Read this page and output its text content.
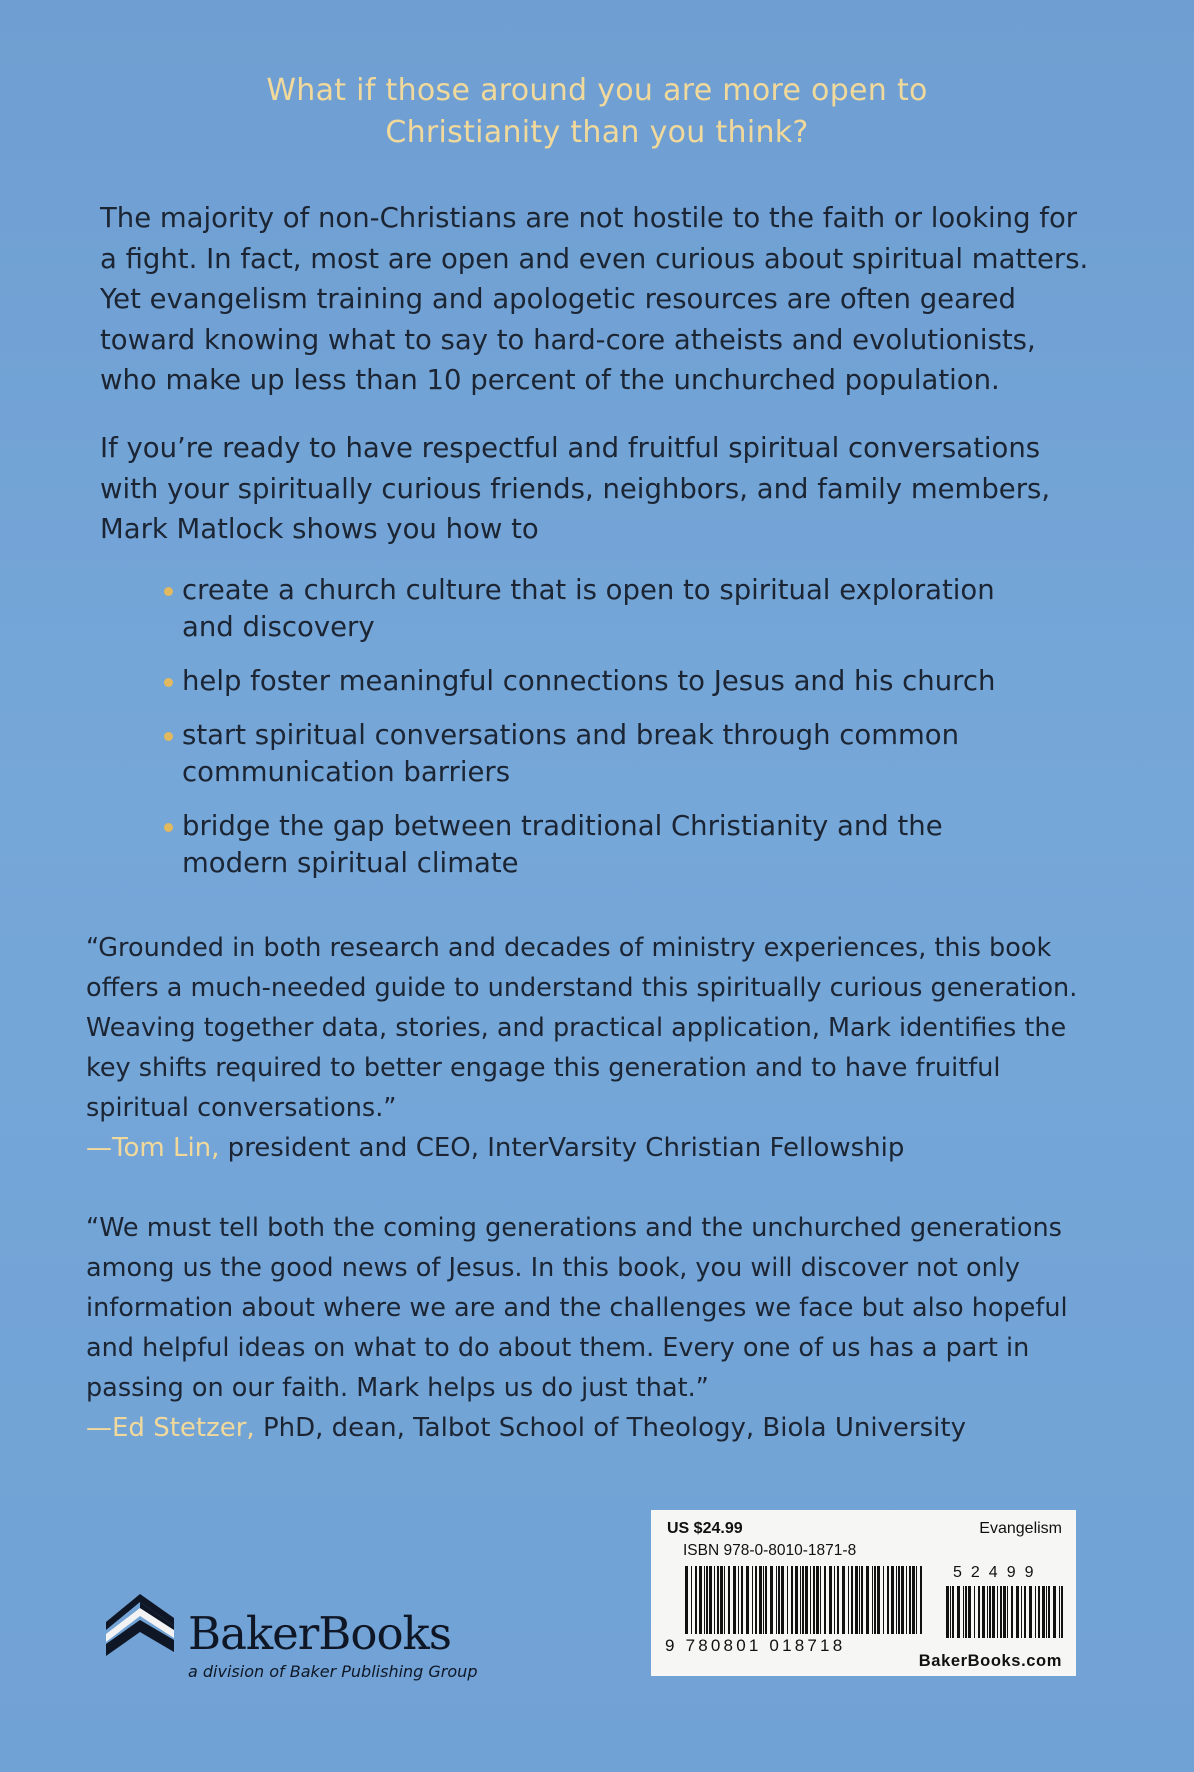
What if those around you are more open to
Christianity than you think?
The majority of non-Christians are not hostile to the faith or looking for
a fight. In fact, most are open and even curious about spiritual matters.
Yet evangelism training and apologetic resources are often geared
toward knowing what to say to hard-core atheists and evolutionists,
who make up less than 10 percent of the unchurched population.
If you’re ready to have respectful and fruitful spiritual conversations
with your spiritually curious friends, neighbors, and family members,
Mark Matlock shows you how to
create a church culture that is open to spiritual exploration
and discovery
help foster meaningful connections to Jesus and his church
start spiritual conversations and break through common
communication barriers
bridge the gap between traditional Christianity and the
modern spiritual climate
“Grounded in both research and decades of ministry experiences, this book
offers a much-needed guide to understand this spiritually curious generation.
Weaving together data, stories, and practical application, Mark identifies the
key shifts required to better engage this generation and to have fruitful
spiritual conversations.”
—Tom Lin, president and CEO, InterVarsity Christian Fellowship
“We must tell both the coming generations and the unchurched generations
among us the good news of Jesus. In this book, you will discover not only
information about where we are and the challenges we face but also hopeful
and helpful ideas on what to do about them. Every one of us has a part in
passing on our faith. Mark helps us do just that.”
—Ed Stetzer, PhD, dean, Talbot School of Theology, Biola University
BakerBooks
a division of Baker Publishing Group
US $24.99	Evangelism
ISBN 978-0-8010-1871-8
52499
9 780801 018718
BakerBooks.com
